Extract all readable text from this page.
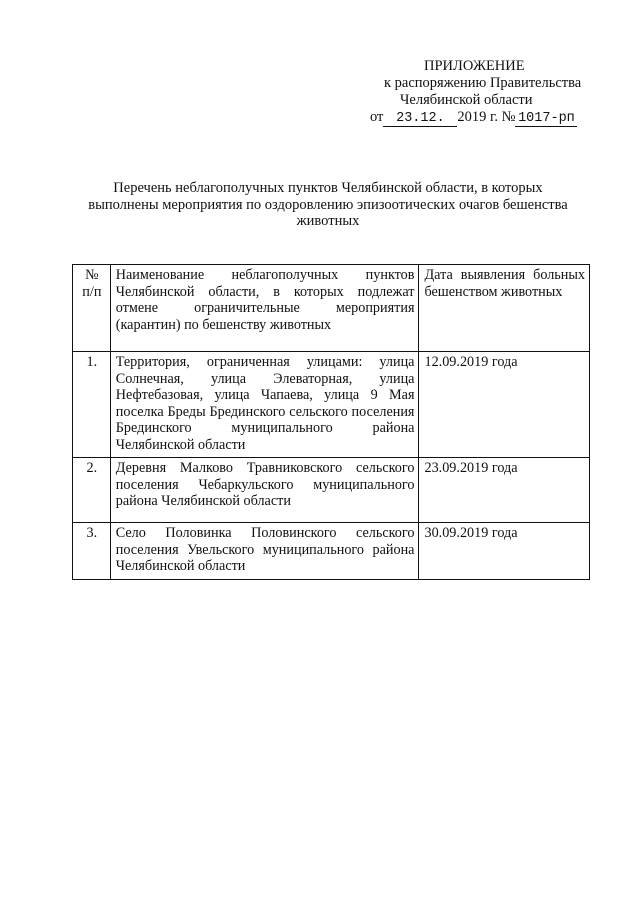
ПРИЛОЖЕНИЕ
к распоряжению Правительства
Челябинской области
от 23.12. 2019 г. № 1017-рп
Перечень неблагополучных пунктов Челябинской области, в которых выполнены мероприятия по оздоровлению эпизоотических очагов бешенства животных
№ п/п	Наименование неблагополучных пунктов Челябинской области, в которых подлежат отмене ограничительные мероприятия (карантин) по бешенству животных	Дата выявления больных бешенством животных
1.	Территория, ограниченная улицами: улица Солнечная, улица Элеваторная, улица Нефтебазовая, улица Чапаева, улица 9 Мая поселка Бреды Брединского сельского поселения Брединского муниципального района Челябинской области	12.09.2019 года
2.	Деревня Малково Травниковского сельского поселения Чебаркульского муниципального района Челябинской области	23.09.2019 года
3.	Село Половинка Половинского сельского поселения Увельского муниципального района Челябинской области	30.09.2019 года
